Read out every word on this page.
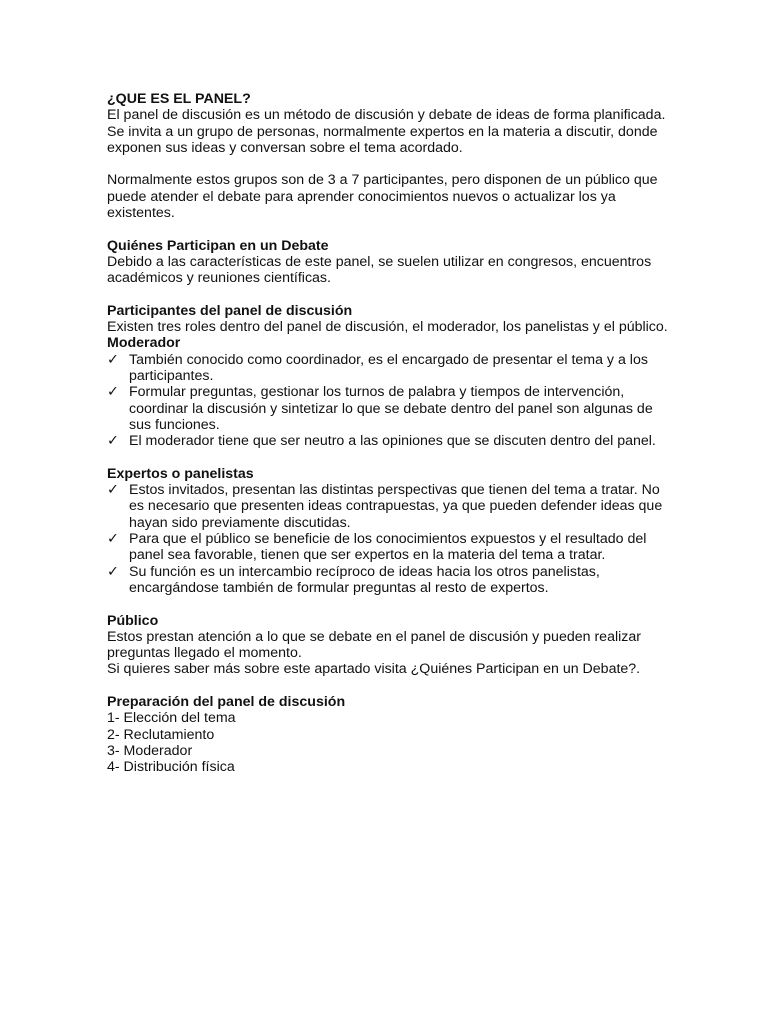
¿QUE ES EL PANEL?
El panel de discusión es un método de discusión y debate de ideas de forma planificada.
Se invita a un grupo de personas, normalmente expertos en la materia a discutir, donde
exponen sus ideas y conversan sobre el tema acordado.
Normalmente estos grupos son de 3 a 7 participantes, pero disponen de un público que
puede atender el debate para aprender conocimientos nuevos o actualizar los ya
existentes.
Quiénes Participan en un Debate
Debido a las características de este panel, se suelen utilizar en congresos, encuentros
académicos y reuniones científicas.
Participantes del panel de discusión
Existen tres roles dentro del panel de discusión, el moderador, los panelistas y el público.
Moderador
✓ También conocido como coordinador, es el encargado de presentar el tema y a los
participantes.
✓ Formular preguntas, gestionar los turnos de palabra y tiempos de intervención,
coordinar la discusión y sintetizar lo que se debate dentro del panel son algunas de
sus funciones.
✓ El moderador tiene que ser neutro a las opiniones que se discuten dentro del panel.
Expertos o panelistas
✓ Estos invitados, presentan las distintas perspectivas que tienen del tema a tratar. No
es necesario que presenten ideas contrapuestas, ya que pueden defender ideas que
hayan sido previamente discutidas.
✓ Para que el público se beneficie de los conocimientos expuestos y el resultado del
panel sea favorable, tienen que ser expertos en la materia del tema a tratar.
✓ Su función es un intercambio recíproco de ideas hacia los otros panelistas,
encargándose también de formular preguntas al resto de expertos.
Público
Estos prestan atención a lo que se debate en el panel de discusión y pueden realizar
preguntas llegado el momento.
Si quieres saber más sobre este apartado visita ¿Quiénes Participan en un Debate?.
Preparación del panel de discusión
1- Elección del tema
2- Reclutamiento
3- Moderador
4- Distribución física
